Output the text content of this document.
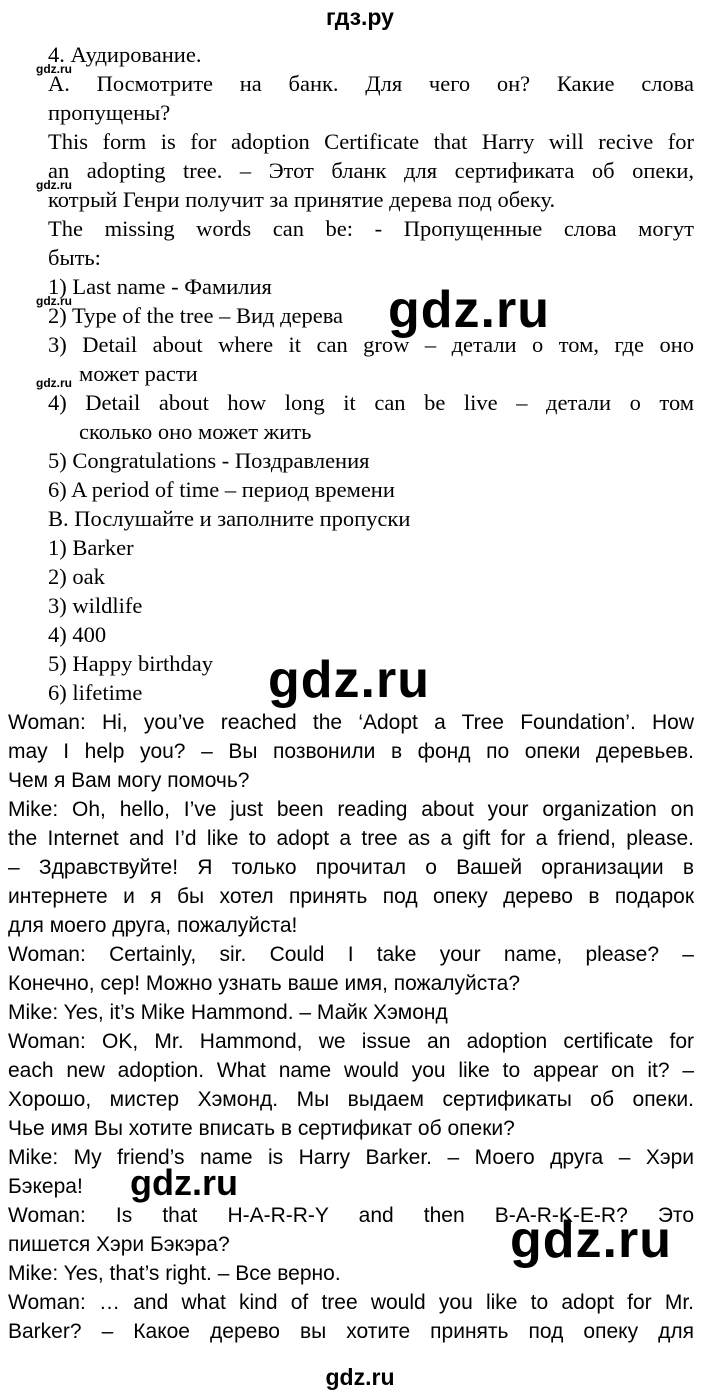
гдз.ру
4. Аудирование.
A. Посмотрите на банк. Для чего он? Какие слова
пропущены?
This form is for adoption Certificate that Harry will recive for
an adopting tree. – Этот бланк для сертификата об опеки,
котрый Генри получит за принятие дерева под обеку.
The missing words can be: - Пропущенные слова могут
быть:
1) Last name - Фамилия
2) Type of the tree – Вид дерева
3) Detail about where it can grow – детали о том, где оно
может расти
4) Detail about how long it can be live – детали о том
сколько оно может жить
5) Congratulations - Поздравления
6) A period of time – период времени
B. Послушайте и заполните пропуски
1) Barker
2) oak
3) wildlife
4) 400
5) Happy birthday
6) lifetime
Woman: Hi, you’ve reached the ‘Adopt a Tree Foundation’. How
may I help you? – Вы позвонили в фонд по опеки деревьев.
Чем я Вам могу помочь?
Mike: Oh, hello, I’ve just been reading about your organization on
the Internet and I’d like to adopt a tree as a gift for a friend, please.
– Здравствуйте! Я только прочитал о Вашей организации в
интернете и я бы хотел принять под опеку дерево в подарок
для моего друга, пожалуйста!
Woman: Certainly, sir. Could I take your name, please? –
Конечно, сер! Можно узнать ваше имя, пожалуйста?
Mike: Yes, it’s Mike Hammond. – Майк Хэмонд
Woman: OK, Mr. Hammond, we issue an adoption certificate for
each new adoption. What name would you like to appear on it? –
Хорошо, мистер Хэмонд. Мы выдаем сертификаты об опеки.
Чье имя Вы хотите вписать в сертификат об опеки?
Mike: My friend’s name is Harry Barker. – Моего друга – Хэри
Бэкера!
Woman: Is that H-A-R-R-Y and then B-A-R-K-E-R? Это
пишется Хэри Бэкэра?
Mike: Yes, that’s right. – Все верно.
Woman: … and what kind of tree would you like to adopt for Mr.
Barker? – Какое дерево вы хотите принять под опеку для
gdz.ru
gdz.ru
gdz.ru
gdz.ru
gdz.ru
gdz.ru
gdz.ru
gdz.ru
gdz.ru
